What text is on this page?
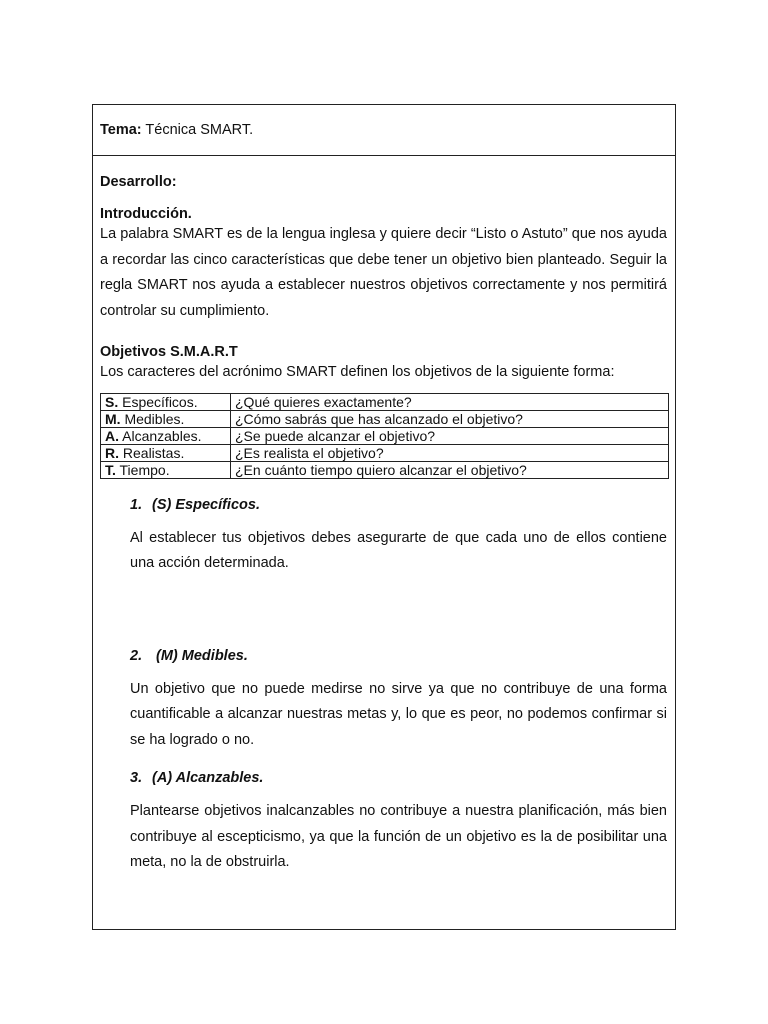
Tema: Técnica SMART.

Desarrollo:

Introducción.

La palabra SMART es de la lengua inglesa y quiere decir “Listo o Astuto” que nos ayuda a recordar las cinco características que debe tener un objetivo bien planteado. Seguir la regla SMART nos ayuda a establecer nuestros objetivos correctamente y nos permitirá controlar su cumplimiento.

Objetivos S.M.A.R.T

Los caracteres del acrónimo SMART definen los objetivos de la siguiente forma:

S. Específicos.	¿Qué quieres exactamente?
M. Medibles.	¿Cómo sabrás que has alcanzado el objetivo?
A. Alcanzables.	¿Se puede alcanzar el objetivo?
R. Realistas.	¿Es realista el objetivo?
T. Tiempo.	¿En cuánto tiempo quiero alcanzar el objetivo?

1. (S) Específicos.

Al establecer tus objetivos debes asegurarte de que cada uno de ellos contiene una acción determinada.

2. (M) Medibles.

Un objetivo que no puede medirse no sirve ya que no contribuye de una forma cuantificable a alcanzar nuestras metas y, lo que es peor, no podemos confirmar si se ha logrado o no.

3. (A) Alcanzables.

Plantearse objetivos inalcanzables no contribuye a nuestra planificación, más bien contribuye al escepticismo, ya que la función de un objetivo es la de posibilitar una meta, no la de obstruirla.
